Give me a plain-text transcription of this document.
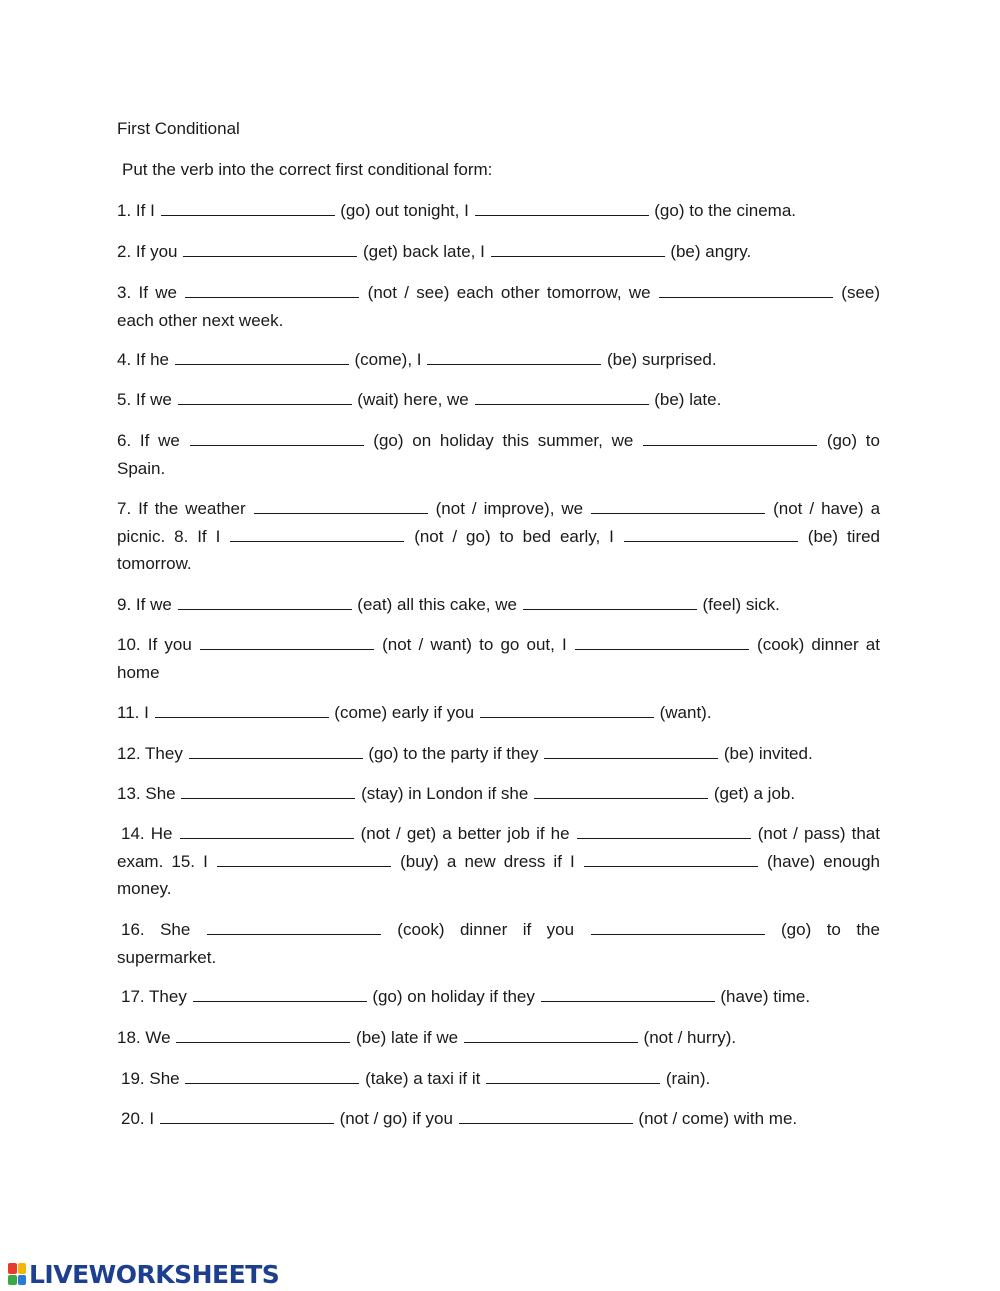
First Conditional
Put the verb into the correct first conditional form:
1. If I	(go) out tonight, I	(go) to the cinema.
2. If you	(get) back late, I	(be) angry.
3. If we	(not / see) each other tomorrow, we	(see)
each other next week.
4. If he	(come), I	(be) surprised.
5. If we	(wait) here, we	(be) late.
6. If we	(go) on holiday this summer, we	(go) to
Spain.
7. If the weather	(not / improve), we	(not / have) a
picnic. 8. If I	(not / go) to bed early, I	(be) tired
tomorrow.
9. If we	(eat) all this cake, we	(feel) sick.
10. If you	(not / want) to go out, I	(cook) dinner at
home
11. I	(come) early if you	(want).
12. They	(go) to the party if they	(be) invited.
13. She	(stay) in London if she	(get) a job.
14. He	(not / get) a better job if he	(not / pass) that
exam. 15. I	(buy) a new dress if I	(have) enough
money.
16. She	(cook) dinner if you	(go) to the
supermarket.
17. They	(go) on holiday if they	(have) time.
18. We	(be) late if we	(not / hurry).
19. She	(take) a taxi if it	(rain).
20. I	(not / go) if you	(not / come) with me.
LIVEWORKSHEETS
